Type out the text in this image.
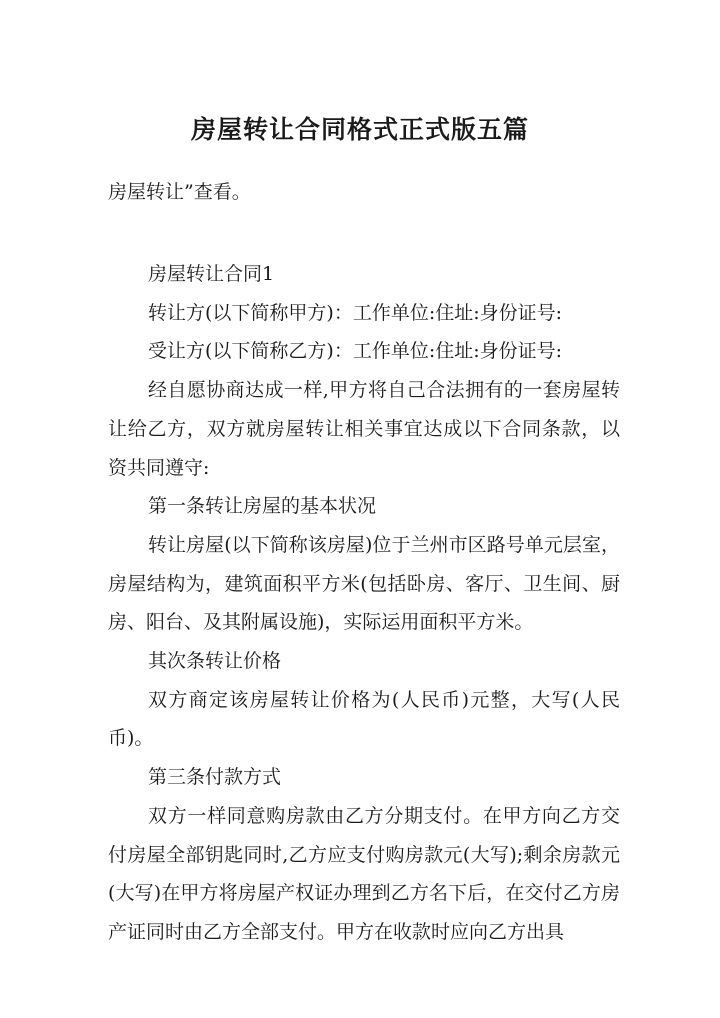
房屋转让合同格式正式版五篇
房屋转让”查看。

房屋转让合同1

转让方(以下简称甲方)：工作单位:住址:身份证号:

受让方(以下简称乙方)：工作单位:住址:身份证号:

经自愿协商达成一样,甲方将自己合法拥有的一套房屋转让给乙方，双方就房屋转让相关事宜达成以下合同条款，以资共同遵守:

第一条转让房屋的基本状况

转让房屋(以下简称该房屋)位于兰州市区路号单元层室，房屋结构为，建筑面积平方米(包括卧房、客厅、卫生间、厨房、阳台、及其附属设施)，实际运用面积平方米。

其次条转让价格

双方商定该房屋转让价格为(人民币)元整，大写(人民币)。

第三条付款方式

双方一样同意购房款由乙方分期支付。在甲方向乙方交付房屋全部钥匙同时,乙方应支付购房款元(大写);剩余房款元(大写)在甲方将房屋产权证办理到乙方名下后，在交付乙方房产证同时由乙方全部支付。甲方在收款时应向乙方出具
